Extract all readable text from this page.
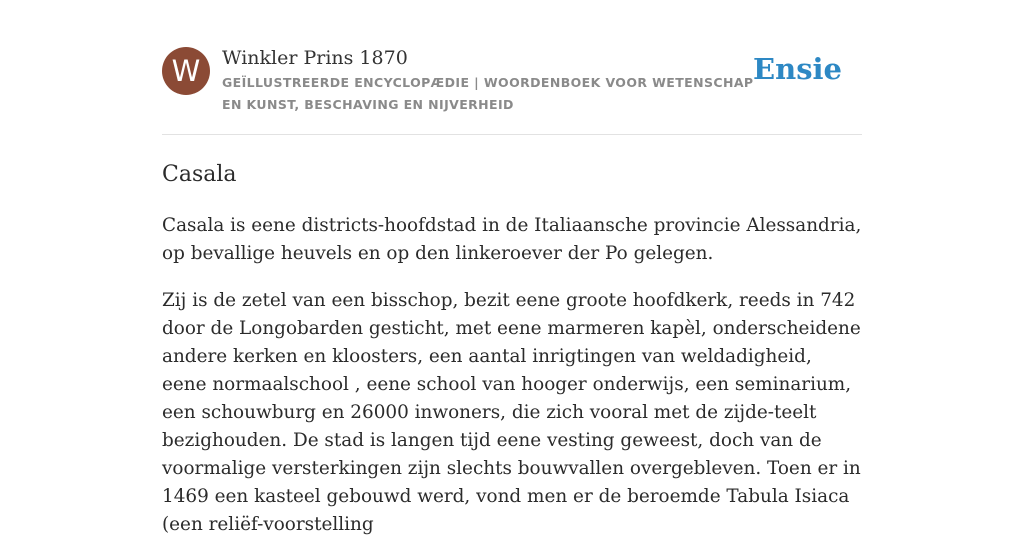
W	Winkler Prins 1870
GEÏLLUSTREERDE ENCYCLOPÆDIE | WOORDENBOEK VOOR WETENSCHAP EN KUNST, BESCHAVING EN NIJVERHEID
Ensie
Casala

Casala is eene districts-hoofdstad in de Italiaansche provincie Alessandria, op bevallige heuvels en op den linkeroever der Po gelegen.

Zij is de zetel van een bisschop, bezit eene groote hoofdkerk, reeds in 742 door de Longobarden gesticht, met eene marmeren kapèl, onderscheidene andere kerken en kloosters, een aantal inrigtingen van weldadigheid, eene normaalschool , eene school van hooger onderwijs, een seminarium, een schouwburg en 26000 inwoners, die zich vooral met de zijde-teelt bezighouden. De stad is langen tijd eene vesting geweest, doch van de voormalige versterkingen zijn slechts bouwvallen overgebleven. Toen er in 1469 een kasteel gebouwd werd, vond men er de beroemde Tabula Isiaca (een reliëf-voorstelling
